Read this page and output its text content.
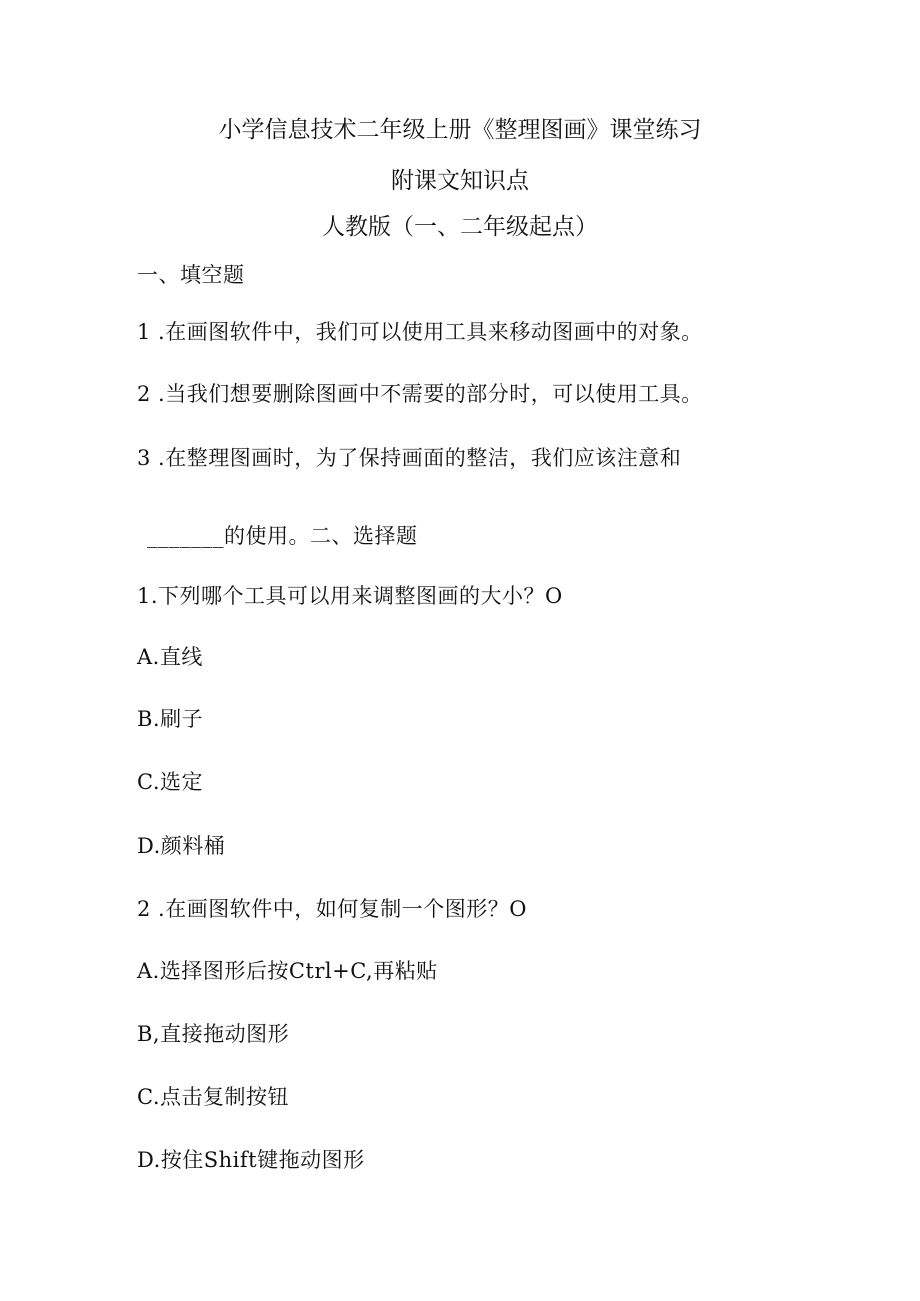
小学信息技术二年级上册《整理图画》课堂练习
附课文知识点
人教版（一、二年级起点）
一、填空题
1 .在画图软件中，我们可以使用工具来移动图画中的对象。
2 .当我们想要删除图画中不需要的部分时，可以使用工具。
3 .在整理图画时，为了保持画面的整洁，我们应该注意和
_______的使用。二、选择题
1.下列哪个工具可以用来调整图画的大小？O
A.直线
B.刷子
C.选定
D.颜料桶
2 .在画图软件中，如何复制一个图形？O
A.选择图形后按Ctrl+C,再粘贴
B,直接拖动图形
C.点击复制按钮
D.按住Shift键拖动图形
